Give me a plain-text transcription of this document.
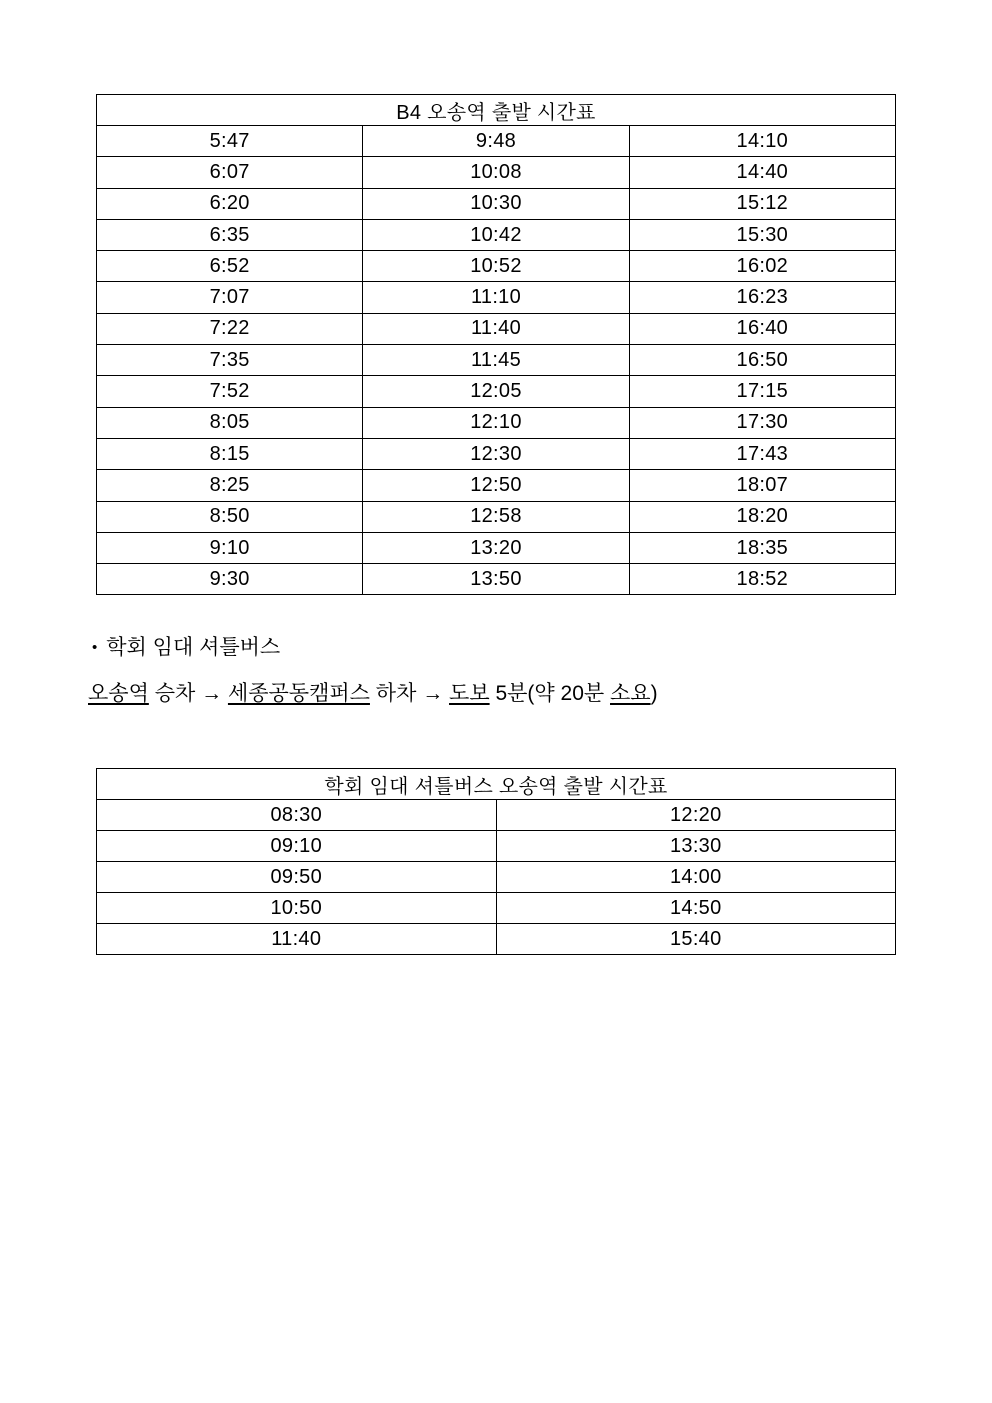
B4 오송역 출발 시간표		
5:47	9:48	14:10
6:07	10:08	14:40
6:20	10:30	15:12
6:35	10:42	15:30
6:52	10:52	16:02
7:07	11:10	16:23
7:22	11:40	16:40
7:35	11:45	16:50
7:52	12:05	17:15
8:05	12:10	17:30
8:15	12:30	17:43
8:25	12:50	18:07
8:50	12:58	18:20
9:10	13:20	18:35
9:30	13:50	18:52
• 학회 임대 셔틀버스

오송역 승차 → 세종공동캠퍼스 하차 → 도보 5분(약 20분 소요)

학회 임대 셔틀버스 오송역 출발 시간표	
08:30	12:20
09:10	13:30
09:50	14:00
10:50	14:50
11:40	15:40
